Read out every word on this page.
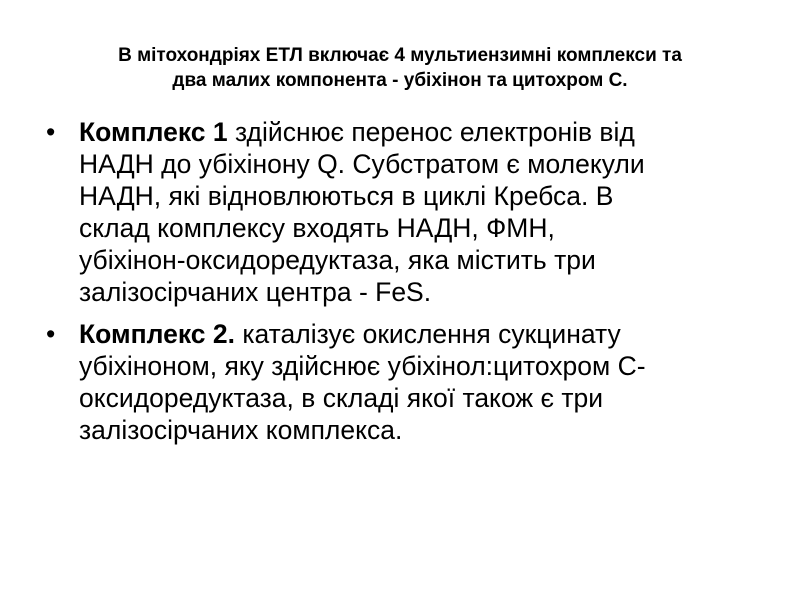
В мітохондріях ЕТЛ включає 4 мультиензимні комплекси та
два малих компонента - убіхінон та цитохром С.
• Комплекс 1 здійснює перенос електронів від
НАДН до убіхінону Q. Субстратом є молекули
НАДН, які відновлюються в циклі Кребса. В
склад комплексу входять НАДН, ФМН,
убіхінон-оксидоредуктаза, яка містить три
залізосірчаних центра - FeS.
• Комплекс 2. каталізує окислення сукцинату
убіхіноном, яку здійснює убіхінол:цитохром С-
оксидоредуктаза, в складі якої також є три
залізосірчаних комплекса.
